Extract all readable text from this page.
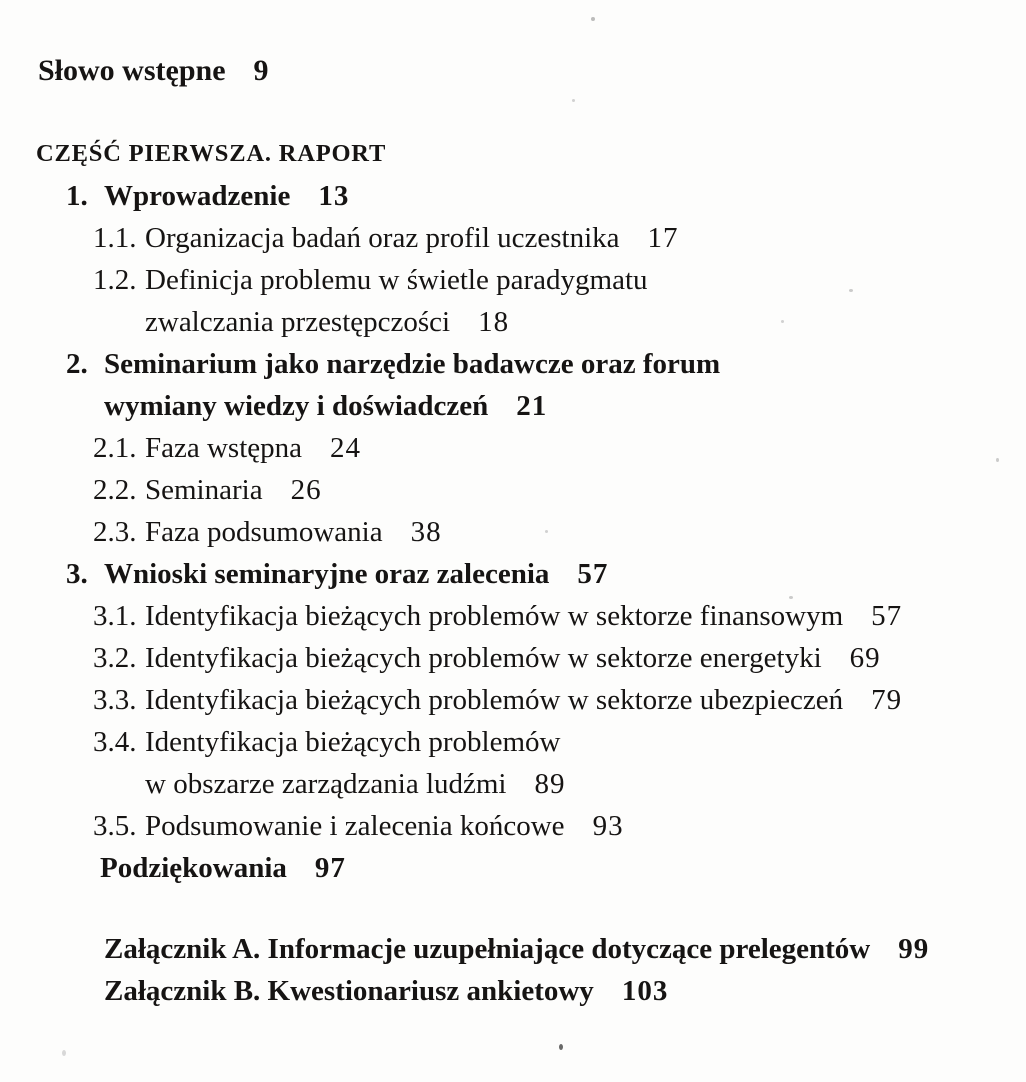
Słowo wstępne 9
CZĘŚĆ PIERWSZA. RAPORT
1. Wprowadzenie 13
1.1. Organizacja badań oraz profil uczestnika 17
1.2. Definicja problemu w świetle paradygmatu
zwalczania przestępczości 18
2. Seminarium jako narzędzie badawcze oraz forum
wymiany wiedzy i doświadczeń 21
2.1. Faza wstępna 24
2.2. Seminaria 26
2.3. Faza podsumowania 38
3. Wnioski seminaryjne oraz zalecenia 57
3.1. Identyfikacja bieżących problemów w sektorze finansowym 57
3.2. Identyfikacja bieżących problemów w sektorze energetyki 69
3.3. Identyfikacja bieżących problemów w sektorze ubezpieczeń 79
3.4. Identyfikacja bieżących problemów
w obszarze zarządzania ludźmi 89
3.5. Podsumowanie i zalecenia końcowe 93
Podziękowania 97
Załącznik A. Informacje uzupełniające dotyczące prelegentów 99
Załącznik B. Kwestionariusz ankietowy 103
